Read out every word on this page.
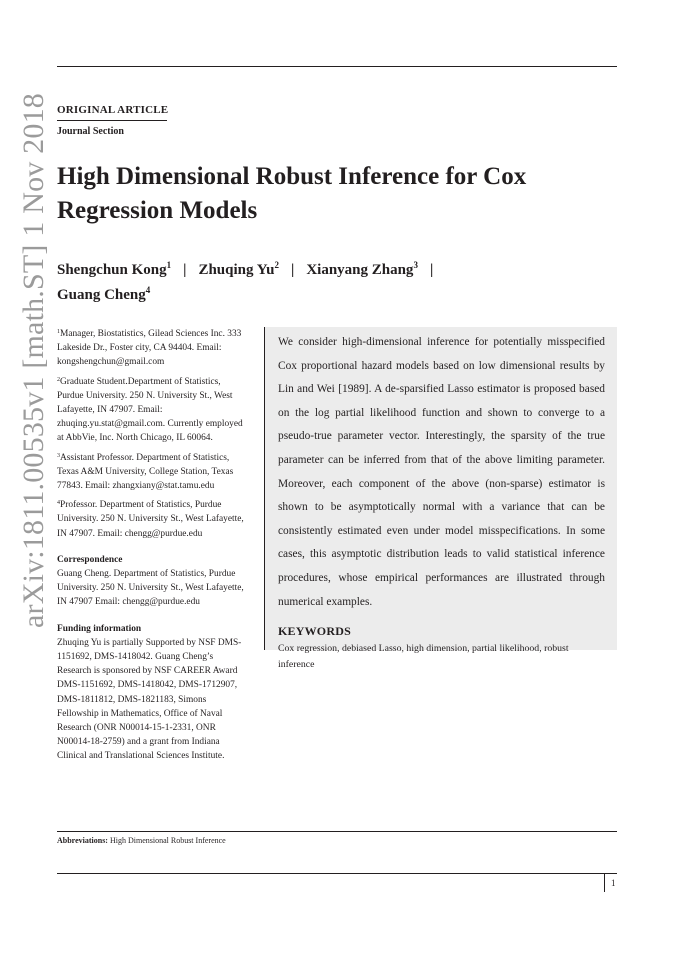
arXiv:1811.00535v1 [math.ST] 1 Nov 2018 ORIGINAL ARTICLE
Journal Section
High Dimensional Robust Inference for Cox Regression Models
Shengchun Kong$^1$ | Zhuqing Yu$^2$ | Xianyang Zhang$^3$ |
Guang Cheng$^4$
$^1$Manager, Biostatistics, Gilead Sciences Inc. 333 Lakeside Dr., Foster city, CA 94404. Email: kongshengchun@gmail.com
$^2$Graduate Student.Department of Statistics, Purdue University. 250 N. University St., West Lafayette, IN 47907. Email: zhuqing.yu.stat@gmail.com. Currently employed at AbbVie, Inc. North Chicago, IL 60064.
$^3$Assistant Professor. Department of Statistics, Texas A&M University, College Station, Texas 77843. Email: zhangxiany@stat.tamu.edu
$^4$Professor. Department of Statistics, Purdue University. 250 N. University St., West Lafayette, IN 47907. Email: chengg@purdue.edu
Correspondence
Guang Cheng. Department of Statistics, Purdue University. 250 N. University St., West Lafayette, IN 47907 Email: chengg@purdue.edu
Funding information
Zhuqing Yu is partially Supported by NSF DMS-1151692, DMS-1418042. Guang Cheng’s Research is sponsored by NSF CAREER Award DMS-1151692, DMS-1418042, DMS-1712907, DMS-1811812, DMS-1821183, Simons Fellowship in Mathematics, Office of Naval Research (ONR N00014-15-1-2331, ONR N00014-18-2759) and a grant from Indiana Clinical and Translational Sciences Institute.

We consider high-dimensional inference for potentially misspecified Cox proportional hazard models based on low dimensional results by Lin and Wei [1989]. A de-sparsified Lasso estimator is proposed based on the log partial likelihood function and shown to converge to a pseudo-true parameter vector. Interestingly, the sparsity of the true parameter can be inferred from that of the above limiting parameter. Moreover, each component of the above (non-sparse) estimator is shown to be asymptotically normal with a variance that can be consistently estimated even under model misspecifications. In some cases, this asymptotic distribution leads to valid statistical inference procedures, whose empirical performances are illustrated through numerical examples.

KEYWORDS
Cox regression, debiased Lasso, high dimension, partial likelihood, robust inference
Abbreviations: High Dimensional Robust Inference
1
